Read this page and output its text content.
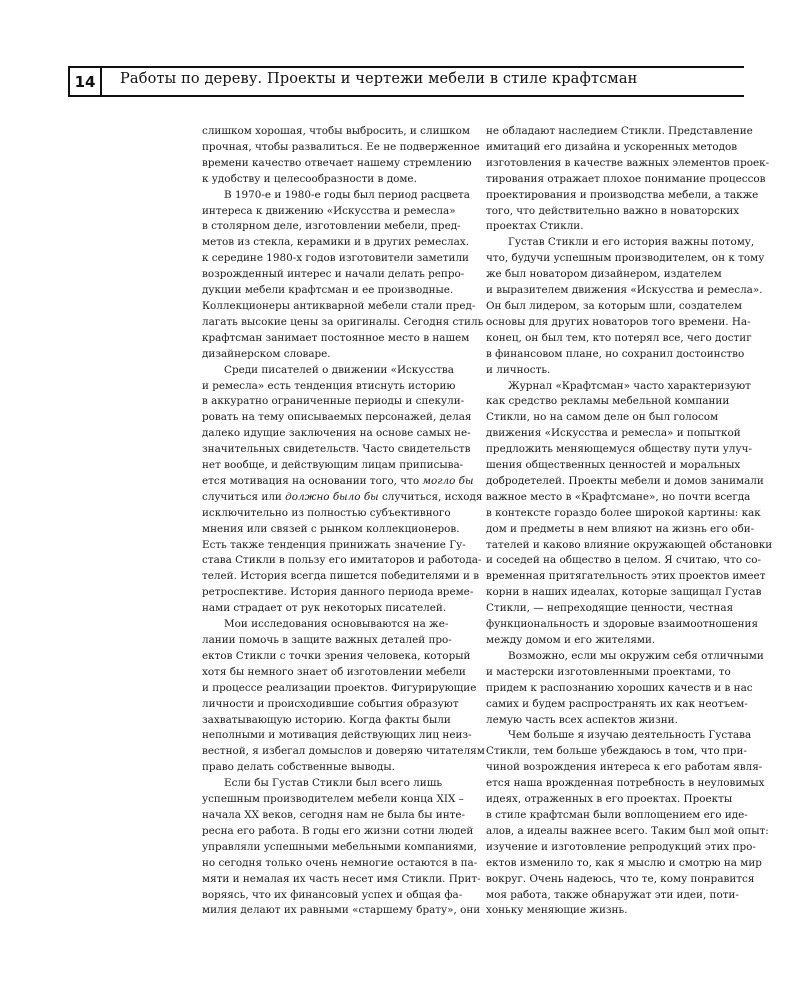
14	Работы по дереву. Проекты и чертежи мебели в стиле крафтсман

слишком хорошая, чтобы выбросить, и слишком
прочная, чтобы развалиться. Ее не подверженное
времени качество отвечает нашему стремлению
к удобству и целесообразности в доме.

В 1970-е и 1980-е годы был период расцвета
интереса к движению «Искусства и ремесла»
в столярном деле, изготовлении мебели, пред-
метов из стекла, керамики и в других ремеслах.
к середине 1980-х годов изготовители заметили
возрожденный интерес и начали делать репро-
дукции мебели крафтсман и ее производные.
Коллекционеры антикварной мебели стали пред-
лагать высокие цены за оригиналы. Сегодня стиль
крафтсман занимает постоянное место в нашем
дизайнерском словаре.

Среди писателей о движении «Искусства
и ремесла» есть тенденция втиснуть историю
в аккуратно ограниченные периоды и спекули-
ровать на тему описываемых персонажей, делая
далеко идущие заключения на основе самых не-
значительных свидетельств. Часто свидетельств
нет вообще, и действующим лицам приписыва-
ется мотивация на основании того, что могло бы
случиться или должно было бы случиться, исходя
исключительно из полностью субъективного
мнения или связей с рынком коллекционеров.
Есть также тенденция принижать значение Гу-
става Стикли в пользу его имитаторов и работода-
телей. История всегда пишется победителями и в
ретроспективе. История данного периода време-
нами страдает от рук некоторых писателей.

Мои исследования основываются на же-
лании помочь в защите важных деталей про-
ектов Стикли с точки зрения человека, который
хотя бы немного знает об изготовлении мебели
и процессе реализации проектов. Фигурирующие
личности и происходившие события образуют
захватывающую историю. Когда факты были
неполными и мотивация действующих лиц неиз-
вестной, я избегал домыслов и доверяю читателям
право делать собственные выводы.

Если бы Густав Стикли был всего лишь
успешным производителем мебели конца XIX –
начала XX веков, сегодня нам не была бы инте-
ресна его работа. В годы его жизни сотни людей
управляли успешными мебельными компаниями,
но сегодня только очень немногие остаются в па-
мяти и немалая их часть несет имя Стикли. Прит-
воряясь, что их финансовый успех и общая фа-
милия делают их равными «старшему брату», они

не обладают наследием Стикли. Представление
имитаций его дизайна и ускоренных методов
изготовления в качестве важных элементов проек-
тирования отражает плохое понимание процессов
проектирования и производства мебели, а также
того, что действительно важно в новаторских
проектах Стикли.

Густав Стикли и его история важны потому,
что, будучи успешным производителем, он к тому
же был новатором дизайнером, издателем
и выразителем движения «Искусства и ремесла».
Он был лидером, за которым шли, создателем
основы для других новаторов того времени. На-
конец, он был тем, кто потерял все, чего достиг
в финансовом плане, но сохранил достоинство
и личность.

Журнал «Крафтсман» часто характеризуют
как средство рекламы мебельной компании
Стикли, но на самом деле он был голосом
движения «Искусства и ремесла» и попыткой
предложить меняющемуся обществу пути улуч-
шения общественных ценностей и моральных
добродетелей. Проекты мебели и домов занимали
важное место в «Крафтсмане», но почти всегда
в контексте гораздо более широкой картины: как
дом и предметы в нем влияют на жизнь его оби-
тателей и каково влияние окружающей обстановки
и соседей на общество в целом. Я считаю, что со-
временная притягательность этих проектов имеет
корни в наших идеалах, которые защищал Густав
Стикли, — непреходящие ценности, честная
функциональность и здоровые взаимоотношения
между домом и его жителями.

Возможно, если мы окружим себя отличными
и мастерски изготовленными проектами, то
придем к распознанию хороших качеств и в нас
самих и будем распространять их как неотъем-
лемую часть всех аспектов жизни.

Чем больше я изучаю деятельность Густава
Стикли, тем больше убеждаюсь в том, что при-
чиной возрождения интереса к его работам явля-
ется наша врожденная потребность в неуловимых
идеях, отраженных в его проектах. Проекты
в стиле крафтсман были воплощением его иде-
алов, а идеалы важнее всего. Таким был мой опыт:
изучение и изготовление репродукций этих про-
ектов изменило то, как я мыслю и смотрю на мир
вокруг. Очень надеюсь, что те, кому понравится
моя работа, также обнаружат эти идеи, поти-
хоньку меняющие жизнь.
